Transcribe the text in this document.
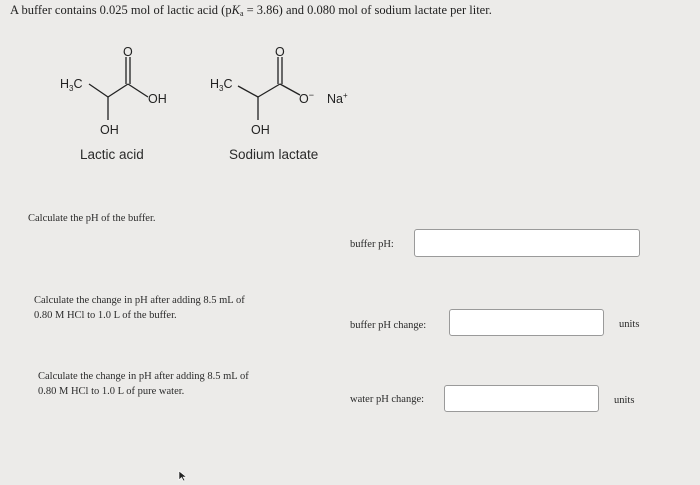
A buffer contains 0.025 mol of lactic acid $(pK_a = 3.86)$ and 0.080 mol of sodium lactate per liter.
$H_3C$
O
OH
OH
$H_3C$
O
O− Na+
OH
Lactic acid	Sodium lactate
Calculate the pH of the buffer.
buffer pH:
Calculate the change in pH after adding 8.5 mL of
0.80 M HCl to 1.0 L of the buffer.
buffer pH change:	units
Calculate the change in pH after adding 8.5 mL of
0.80 M HCl to 1.0 L of pure water.
water pH change:	units
